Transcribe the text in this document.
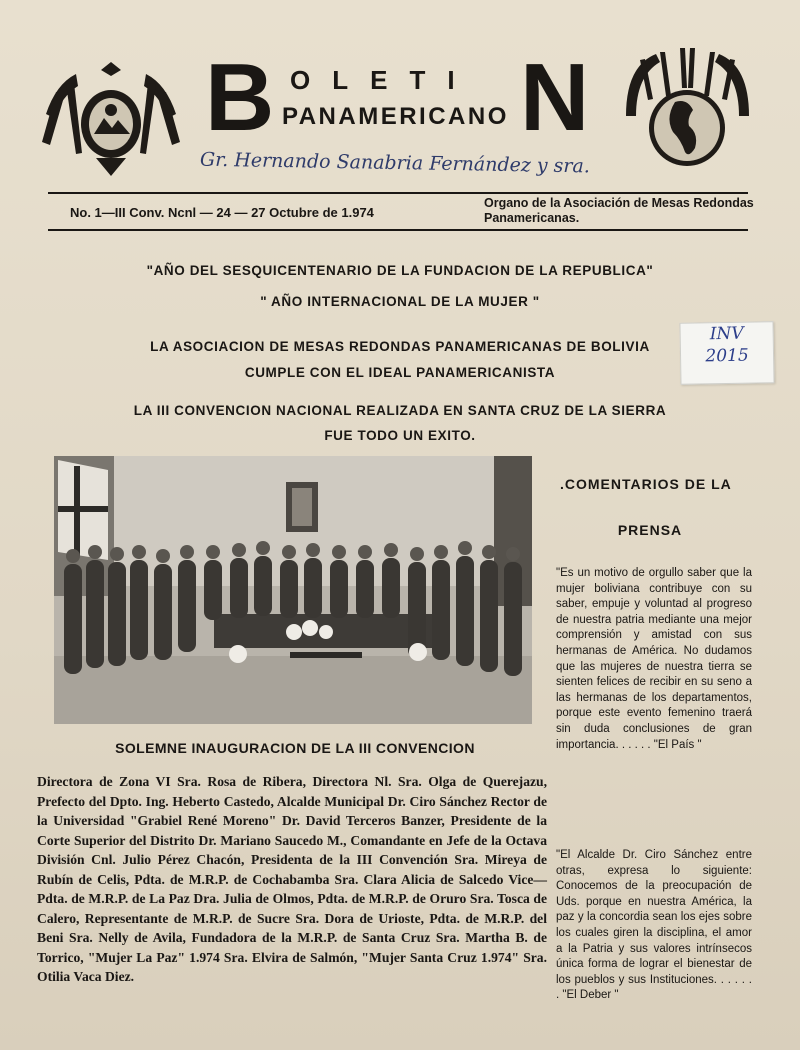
B OLETI
PANAMERICANO N
Gr. Hernando Sanabria Fernández y sra.
No. 1—III Conv. Ncnl — 24 — 27 Octubre de 1.974
Organo de la Asociación de Mesas Redondas Panamericanas.
INV
2015
"AÑO DEL SESQUICENTENARIO DE LA FUNDACION DE LA REPUBLICA"
" AÑO INTERNACIONAL DE LA MUJER "
LA ASOCIACION DE MESAS REDONDAS PANAMERICANAS DE BOLIVIA
CUMPLE CON EL IDEAL PANAMERICANISTA
LA III CONVENCION NACIONAL REALIZADA EN SANTA CRUZ DE LA SIERRA
FUE TODO UN EXITO.
SOLEMNE INAUGURACION DE LA III CONVENCION
Directora de Zona VI Sra. Rosa de Ribera, Directora Nl. Sra. Olga de Querejazu, Prefecto del Dpto. Ing. Heberto Castedo, Alcalde Municipal Dr. Ciro Sánchez Rector de la Universidad "Grabiel René Moreno" Dr. David Terceros Banzer, Presidente de la Corte Superior del Distrito Dr. Mariano Saucedo M., Comandante en Jefe de la Octava División Cnl. Julio Pérez Chacón, Presidenta de la III Convención Sra. Mireya de Rubín de Celis, Pdta. de M.R.P. de Cochabamba Sra. Clara Alicia de Salcedo Vice—Pdta. de M.R.P. de La Paz Dra. Julia de Olmos, Pdta. de M.R.P. de Oruro Sra. Tosca de Calero, Representante de M.R.P. de Sucre Sra. Dora de Urioste, Pdta. de M.R.P. del Beni Sra. Nelly de Avila, Fundadora de la M.R.P. de Santa Cruz Sra. Martha B. de Torrico, "Mujer La Paz" 1.974 Sra. Elvira de Salmón, "Mujer Santa Cruz 1.974" Sra. Otilia Vaca Diez.
.COMENTARIOS DE LA
PRENSA
"Es un motivo de orgullo saber que la mujer boliviana contribuye con su saber, empuje y voluntad al progreso de nuestra patria mediante una mejor comprensión y amistad con sus hermanas de América. No dudamos que las mujeres de nuestra tierra se sienten felices de recibir en su seno a las hermanas de los departamentos, porque este evento femenino traerá sin duda conclusiones de gran importancia. . . . . . "El País "
"El Alcalde Dr. Ciro Sánchez entre otras, expresa lo siguiente: Conocemos de la preocupación de Uds. porque en nuestra América, la paz y la concordia sean los ejes sobre los cuales giren la disciplina, el amor a la Patria y sus valores intrínsecos única forma de lograr el bienestar de los pueblos y sus Instituciones. . . . . . . "El Deber "
